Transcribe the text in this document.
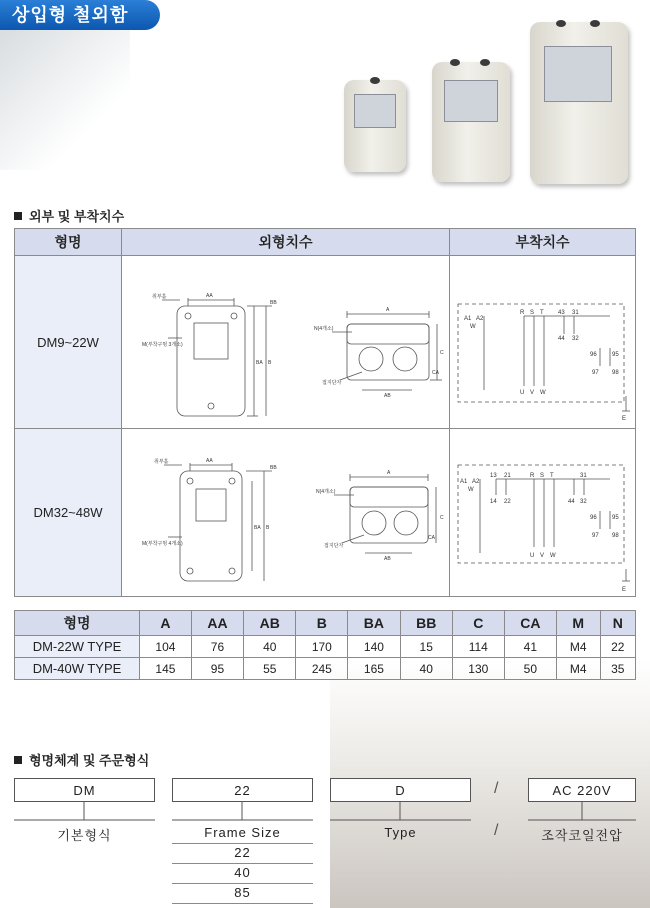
상입형 철외함
외부 및 부착치수
형명	외형치수	부착치수
DM9~22W
DM32~48W
취부홀	AA
BB
BA B
M(부착구멍 3개소)
A
N(4개소)
C
CA
AB
접지단자
A1 A2
W
R S T 43 31
44 32
96	95
97 98
U V W
E
취부홀	AA
BB
BA B
M(부착구멍 4개소)
A
N(4개소)
C
CA
AB
접지단자
A1 A2
W
13 21
14 22
R S T	31
44 32
96	95
97 98
U V W
E
형명	A	AA	AB	B	BA	BB	C	CA	M	N
DM-22W TYPE	104	76	40	170	140	15	114	41	M4	22
DM-40W TYPE	145	95	55	245	165	40	130	50	M4	35
형명체계 및 주문형식
DM	22	D	/	AC 220V
기본형식	Frame Size	Type	/	조작코일전압
22
40
85
